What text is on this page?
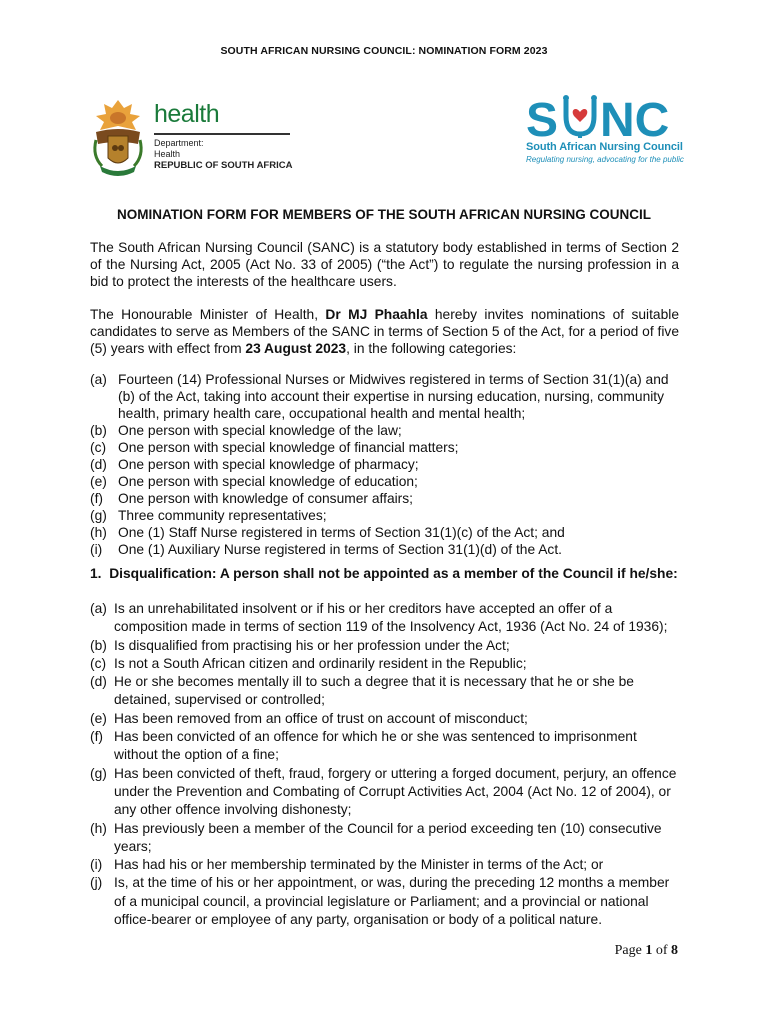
SOUTH AFRICAN NURSING COUNCIL: NOMINATION FORM 2023
health
Department:
Health
REPUBLIC OF SOUTH AFRICA
S NC
South African Nursing Council
Regulating nursing, advocating for the public
NOMINATION FORM FOR MEMBERS OF THE SOUTH AFRICAN NURSING COUNCIL

The South African Nursing Council (SANC) is a statutory body established in terms of Section 2 of the Nursing Act, 2005 (Act No. 33 of 2005) (“the Act”) to regulate the nursing profession in a bid to protect the interests of the healthcare users.

The Honourable Minister of Health, Dr MJ Phaahla hereby invites nominations of suitable candidates to serve as Members of the SANC in terms of Section 5 of the Act, for a period of five (5) years with effect from 23 August 2023, in the following categories:

(a) Fourteen (14) Professional Nurses or Midwives registered in terms of Section 31(1)(a) and (b) of the Act, taking into account their expertise in nursing education, nursing, community health, primary health care, occupational health and mental health;
(b) One person with special knowledge of the law;
(c) One person with special knowledge of financial matters;
(d) One person with special knowledge of pharmacy;
(e) One person with special knowledge of education;
(f) One person with knowledge of consumer affairs;
(g) Three community representatives;
(h) One (1) Staff Nurse registered in terms of Section 31(1)(c) of the Act; and
(i) One (1) Auxiliary Nurse registered in terms of Section 31(1)(d) of the Act.
1. Disqualification: A person shall not be appointed as a member of the Council if he/she:
(a) Is an unrehabilitated insolvent or if his or her creditors have accepted an offer of a composition made in terms of section 119 of the Insolvency Act, 1936 (Act No. 24 of 1936);
(b) Is disqualified from practising his or her profession under the Act;
(c) Is not a South African citizen and ordinarily resident in the Republic;
(d) He or she becomes mentally ill to such a degree that it is necessary that he or she be detained, supervised or controlled;
(e) Has been removed from an office of trust on account of misconduct;
(f) Has been convicted of an offence for which he or she was sentenced to imprisonment without the option of a fine;
(g) Has been convicted of theft, fraud, forgery or uttering a forged document, perjury, an offence under the Prevention and Combating of Corrupt Activities Act, 2004 (Act No. 12 of 2004), or any other offence involving dishonesty;
(h) Has previously been a member of the Council for a period exceeding ten (10) consecutive years;
(i) Has had his or her membership terminated by the Minister in terms of the Act; or
(j) Is, at the time of his or her appointment, or was, during the preceding 12 months a member of a municipal council, a provincial legislature or Parliament; and a provincial or national office-bearer or employee of any party, organisation or body of a political nature.
Page 1 of 8
